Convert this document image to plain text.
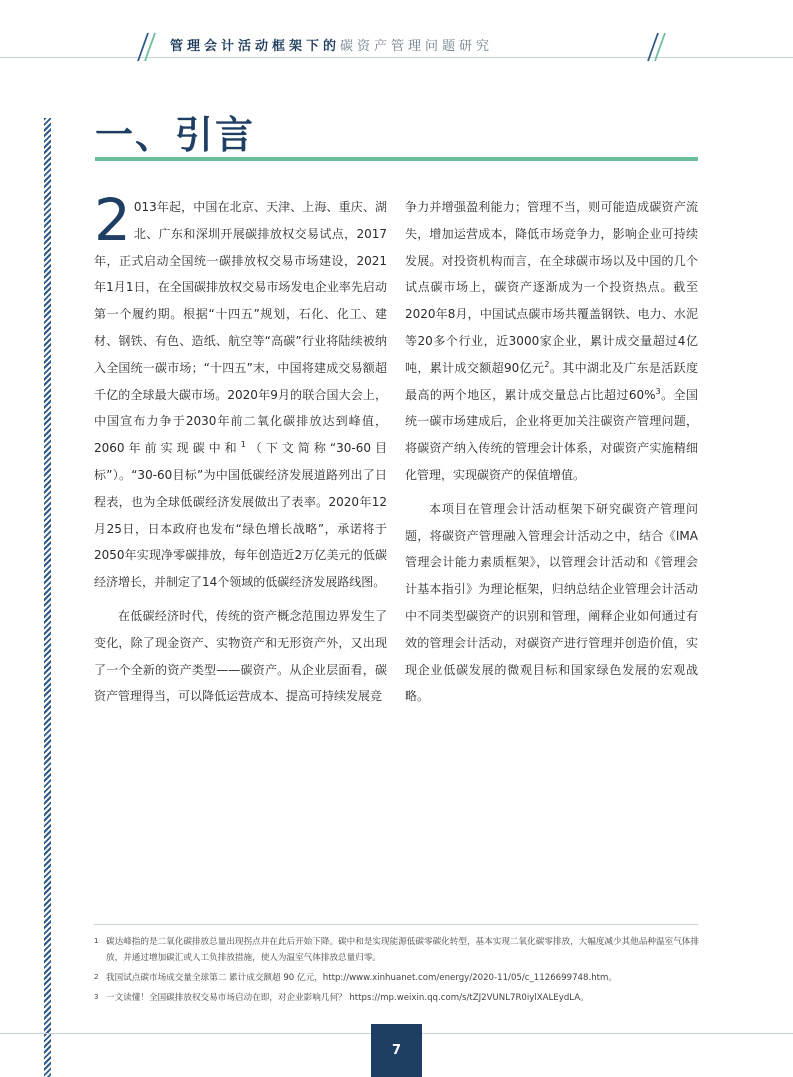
管理会计活动框架下的碳资产管理问题研究
一、引言

2 013年起，中国在北京、天津、上海、重庆、湖北、广东和深圳开展碳排放权交易试点，2017年，正式启动全国统一碳排放权交易市场建设，2021年1月1日，在全国碳排放权交易市场发电企业率先启动第一个履约期。根据“十四五”规划，石化、化工、建材、钢铁、有色、造纸、航空等“高碳”行业将陆续被纳入全国统一碳市场；“十四五”末，中国将建成交易额超千亿的全球最大碳市场。2020年9月的联合国大会上，中国宣布力争于2030年前二氧化碳排放达到峰值，2060年前实现碳中和$^1$（下文简称“30-60目标”）。“30-60目标”为中国低碳经济发展道路列出了日程表，也为全球低碳经济发展做出了表率。2020年12月25日，日本政府也发布“绿色增长战略”，承诺将于2050年实现净零碳排放，每年创造近2万亿美元的低碳经济增长，并制定了14个领域的低碳经济发展路线图。

在低碳经济时代，传统的资产概念范围边界发生了变化，除了现金资产、实物资产和无形资产外，又出现了一个全新的资产类型——碳资产。从企业层面看，碳资产管理得当，可以降低运营成本、提高可持续发展竞

争力并增强盈利能力；管理不当，则可能造成碳资产流失，增加运营成本，降低市场竞争力，影响企业可持续发展。对投资机构而言，在全球碳市场以及中国的几个试点碳市场上，碳资产逐渐成为一个投资热点。截至2020年8月，中国试点碳市场共覆盖钢铁、电力、水泥等20多个行业，近3000家企业，累计成交量超过4亿吨，累计成交额超90亿元$^2$。其中湖北及广东是活跃度最高的两个地区，累计成交量总占比超过60%$^3$。全国统一碳市场建成后，企业将更加关注碳资产管理问题，将碳资产纳入传统的管理会计体系，对碳资产实施精细化管理，实现碳资产的保值增值。

本项目在管理会计活动框架下研究碳资产管理问题，将碳资产管理融入管理会计活动之中，结合《IMA管理会计能力素质框架》，以管理会计活动和《管理会计基本指引》为理论框架，归纳总结企业管理会计活动中不同类型碳资产的识别和管理，阐释企业如何通过有效的管理会计活动，对碳资产进行管理并创造价值，实现企业低碳发展的微观目标和国家绿色发展的宏观战略。

1 碳达峰指的是二氧化碳排放总量出现拐点并在此后开始下降。碳中和是实现能源低碳零碳化转型，基本实现二氧化碳零排放，大幅度减少其他品种温室气体排放，并通过增加碳汇或人工负排放措施，使人为温室气体排放总量归零。
2 我国试点碳市场成交量全球第二 累计成交额超 90 亿元，http://www.xinhuanet.com/energy/2020-11/05/c_1126699748.htm。
3 一文读懂！全国碳排放权交易市场启动在即，对企业影响几何？ https://mp.weixin.qq.com/s/tZJ2VUNL7R0iylXALEydLA。
7
